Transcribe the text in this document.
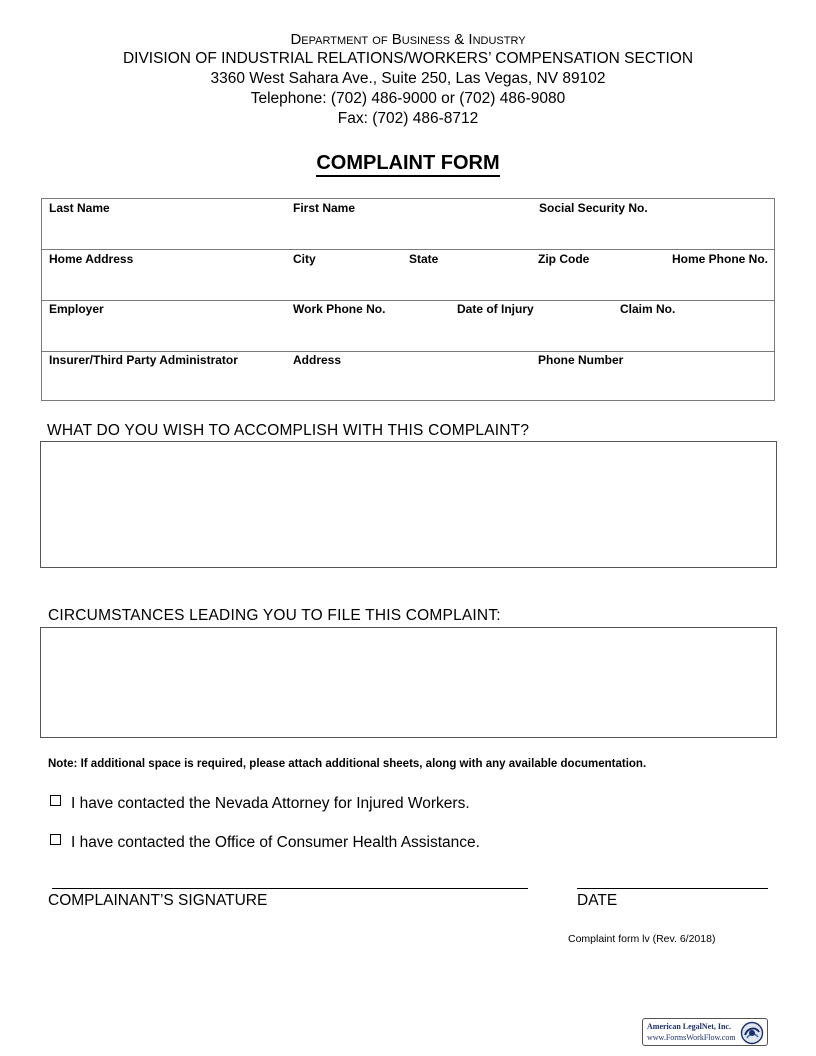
Department of Business & Industry
DIVISION OF INDUSTRIAL RELATIONS/WORKERS’ COMPENSATION SECTION
3360 West Sahara Ave., Suite 250, Las Vegas, NV 89102
Telephone: (702) 486-9000 or (702) 486-9080
Fax: (702) 486-8712
COMPLAINT FORM
Last Name	First Name	Social Security No.
Home Address	City	State	Zip Code	Home Phone No.
Employer	Work Phone No.	Date of Injury	Claim No.
Insurer/Third Party Administrator	Address	Phone Number
WHAT DO YOU WISH TO ACCOMPLISH WITH THIS COMPLAINT?
CIRCUMSTANCES LEADING YOU TO FILE THIS COMPLAINT:
Note: If additional space is required, please attach additional sheets, along with any available documentation.
I have contacted the Nevada Attorney for Injured Workers.
I have contacted the Office of Consumer Health Assistance.
COMPLAINANT’S SIGNATURE	DATE
Complaint form lv (Rev. 6/2018)
American LegalNet, Inc.
www.FormsWorkFlow.com
